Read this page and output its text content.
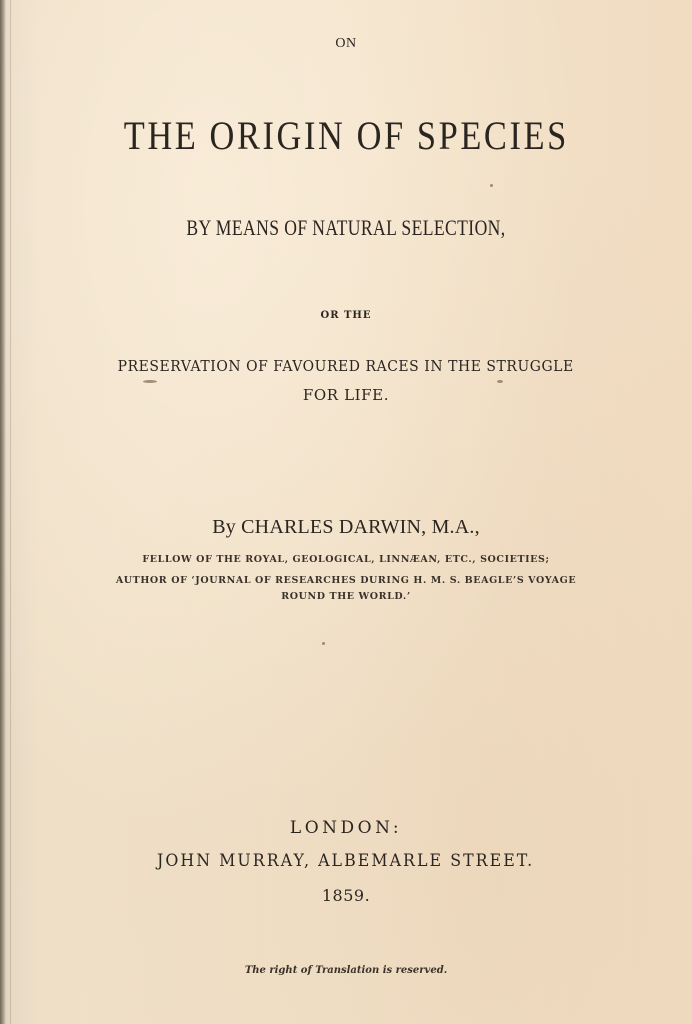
ON
THE ORIGIN OF SPECIES
BY MEANS OF NATURAL SELECTION,
OR THE
PRESERVATION OF FAVOURED RACES IN THE STRUGGLE
FOR LIFE.
By CHARLES DARWIN, M.A.,
FELLOW OF THE ROYAL, GEOLOGICAL, LINNÆAN, ETC., SOCIETIES;
AUTHOR OF ‘JOURNAL OF RESEARCHES DURING H. M. S. BEAGLE’S VOYAGE
ROUND THE WORLD.’
LONDON:
JOHN MURRAY, ALBEMARLE STREET.
1859.
The right of Translation is reserved.
